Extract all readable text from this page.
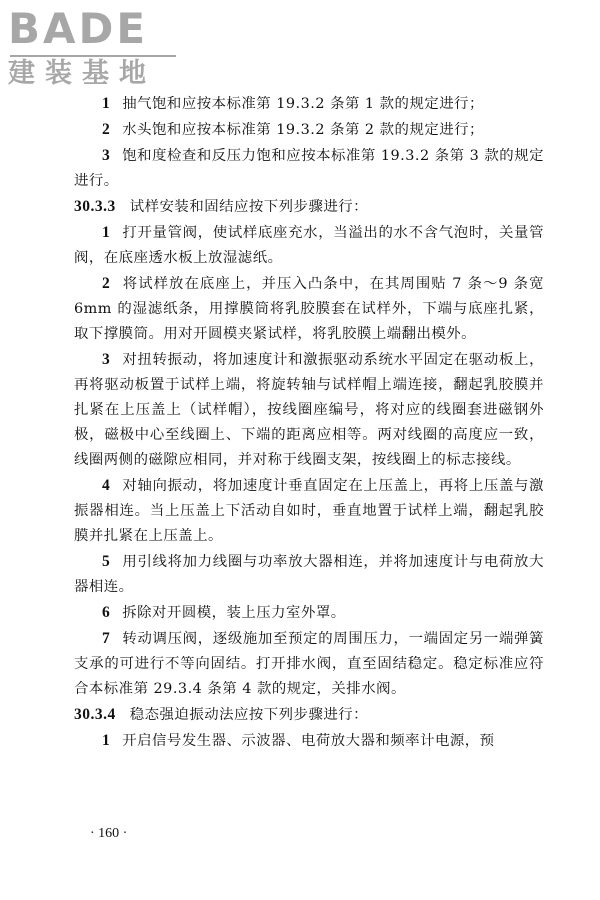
BADE
建装基地

1 抽气饱和应按本标准第 19.3.2 条第 1 款的规定进行；

2 水头饱和应按本标准第 19.3.2 条第 2 款的规定进行；

3 饱和度检查和反压力饱和应按本标准第 19.3.2 条第 3 款的规定进行。

30.3.3 试样安装和固结应按下列步骤进行：

1 打开量管阀，使试样底座充水，当溢出的水不含气泡时，关量管阀，在底座透水板上放湿滤纸。

2 将试样放在底座上，并压入凸条中，在其周围贴 7 条～9 条宽 6mm 的湿滤纸条，用撑膜筒将乳胶膜套在试样外，下端与底座扎紧，取下撑膜筒。用对开圆模夹紧试样，将乳胶膜上端翻出模外。

3 对扭转振动，将加速度计和激振驱动系统水平固定在驱动板上，再将驱动板置于试样上端，将旋转轴与试样帽上端连接，翻起乳胶膜并扎紧在上压盖上（试样帽），按线圈座编号，将对应的线圈套进磁钢外极，磁极中心至线圈上、下端的距离应相等。两对线圈的高度应一致，线圈两侧的磁隙应相同，并对称于线圈支架，按线圈上的标志接线。

4 对轴向振动，将加速度计垂直固定在上压盖上，再将上压盖与激振器相连。当上压盖上下活动自如时，垂直地置于试样上端，翻起乳胶膜并扎紧在上压盖上。

5 用引线将加力线圈与功率放大器相连，并将加速度计与电荷放大器相连。

6 拆除对开圆模，装上压力室外罩。

7 转动调压阀，逐级施加至预定的周围压力，一端固定另一端弹簧支承的可进行不等向固结。打开排水阀，直至固结稳定。稳定标准应符合本标准第 29.3.4 条第 4 款的规定，关排水阀。

30.3.4 稳态强迫振动法应按下列步骤进行：

1 开启信号发生器、示波器、电荷放大器和频率计电源，预

· 160 ·
